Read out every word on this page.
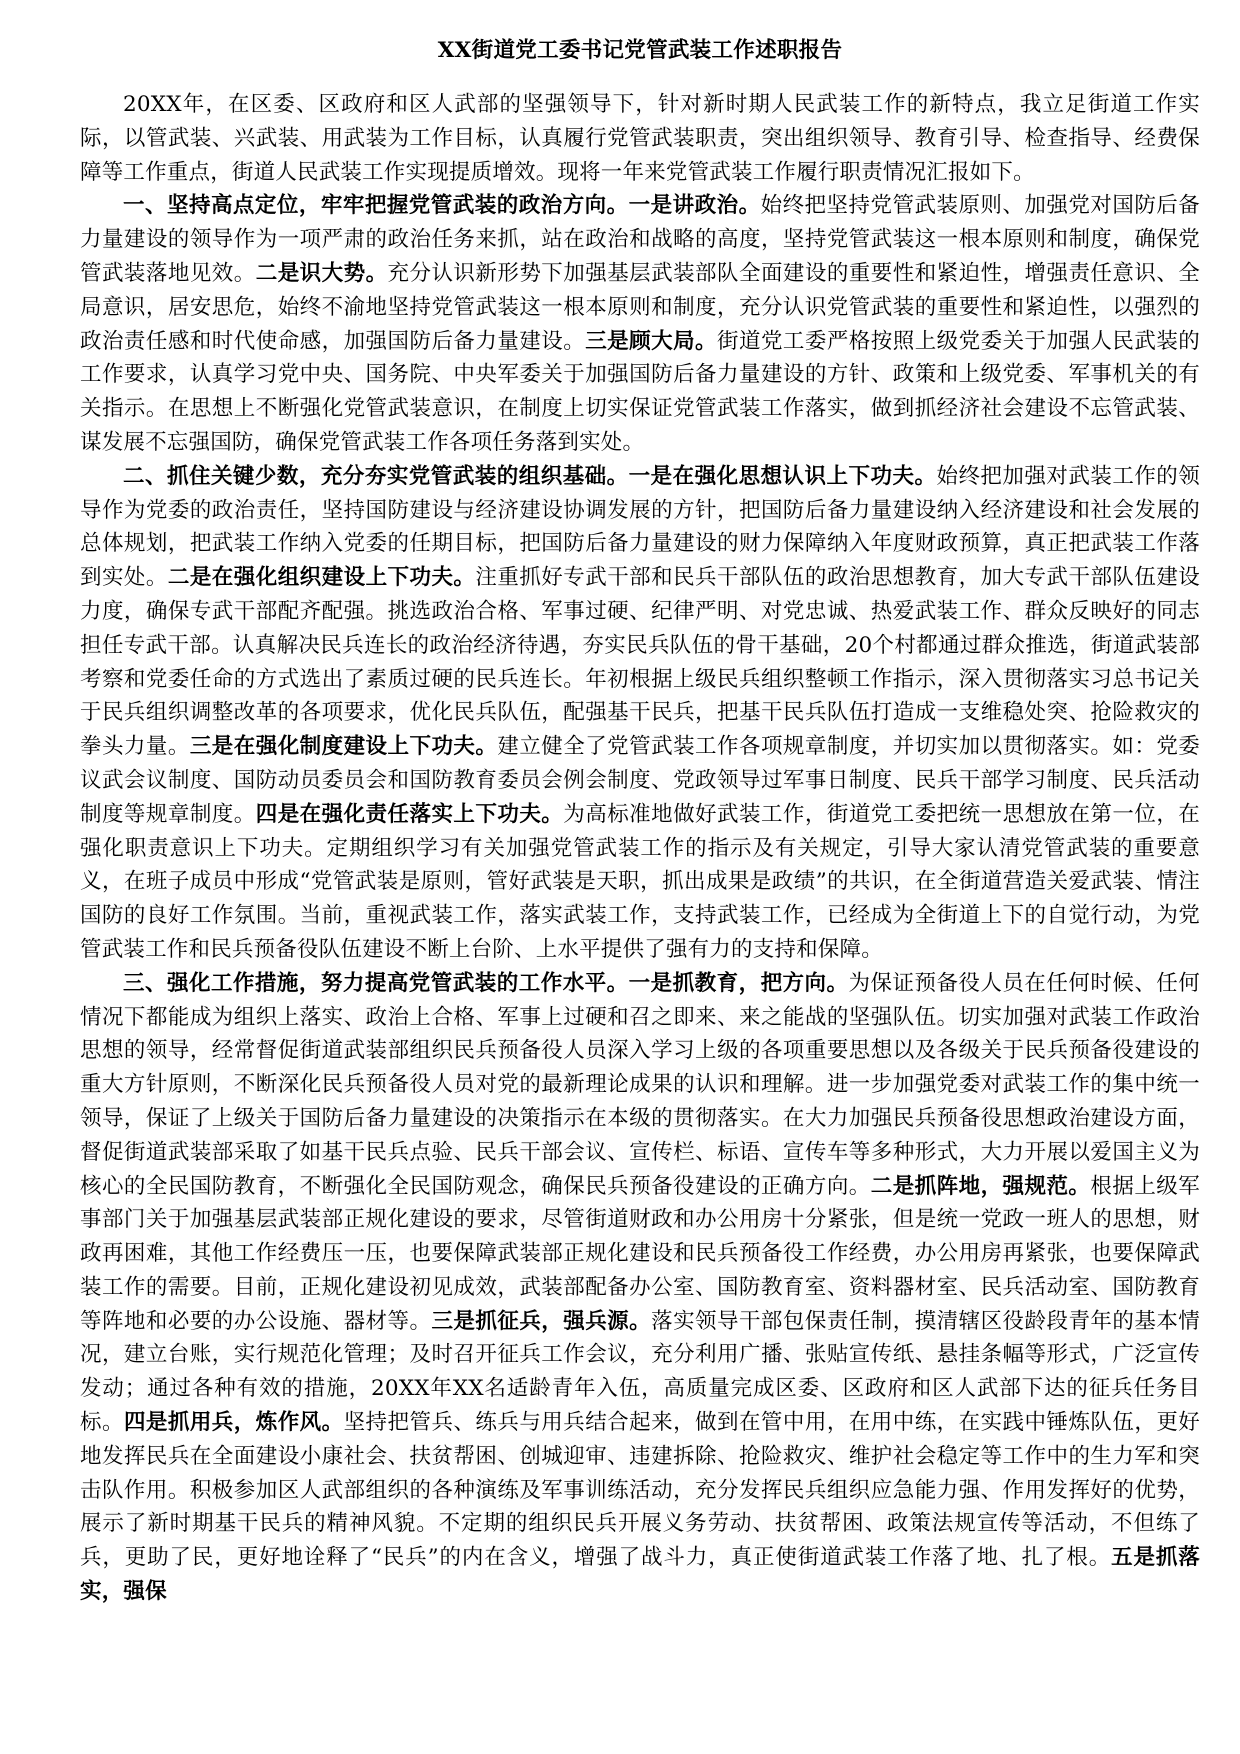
XX街道党工委书记党管武装工作述职报告

20XX年，在区委、区政府和区人武部的坚强领导下，针对新时期人民武装工作的新特点，我立足街道工作实际，以管武装、兴武装、用武装为工作目标，认真履行党管武装职责，突出组织领导、教育引导、检查指导、经费保障等工作重点，街道人民武装工作实现提质增效。现将一年来党管武装工作履行职责情况汇报如下。

一、坚持高点定位，牢牢把握党管武装的政治方向。一是讲政治。始终把坚持党管武装原则、加强党对国防后备力量建设的领导作为一项严肃的政治任务来抓，站在政治和战略的高度，坚持党管武装这一根本原则和制度，确保党管武装落地见效。二是识大势。充分认识新形势下加强基层武装部队全面建设的重要性和紧迫性，增强责任意识、全局意识，居安思危，始终不渝地坚持党管武装这一根本原则和制度，充分认识党管武装的重要性和紧迫性，以强烈的政治责任感和时代使命感，加强国防后备力量建设。三是顾大局。街道党工委严格按照上级党委关于加强人民武装的工作要求，认真学习党中央、国务院、中央军委关于加强国防后备力量建设的方针、政策和上级党委、军事机关的有关指示。在思想上不断强化党管武装意识，在制度上切实保证党管武装工作落实，做到抓经济社会建设不忘管武装、谋发展不忘强国防，确保党管武装工作各项任务落到实处。

二、抓住关键少数，充分夯实党管武装的组织基础。一是在强化思想认识上下功夫。始终把加强对武装工作的领导作为党委的政治责任，坚持国防建设与经济建设协调发展的方针，把国防后备力量建设纳入经济建设和社会发展的总体规划，把武装工作纳入党委的任期目标，把国防后备力量建设的财力保障纳入年度财政预算，真正把武装工作落到实处。二是在强化组织建设上下功夫。注重抓好专武干部和民兵干部队伍的政治思想教育，加大专武干部队伍建设力度，确保专武干部配齐配强。挑选政治合格、军事过硬、纪律严明、对党忠诚、热爱武装工作、群众反映好的同志担任专武干部。认真解决民兵连长的政治经济待遇，夯实民兵队伍的骨干基础，20个村都通过群众推选，街道武装部考察和党委任命的方式选出了素质过硬的民兵连长。年初根据上级民兵组织整顿工作指示，深入贯彻落实习总书记关于民兵组织调整改革的各项要求，优化民兵队伍，配强基干民兵，把基干民兵队伍打造成一支维稳处突、抢险救灾的拳头力量。三是在强化制度建设上下功夫。建立健全了党管武装工作各项规章制度，并切实加以贯彻落实。如：党委议武会议制度、国防动员委员会和国防教育委员会例会制度、党政领导过军事日制度、民兵干部学习制度、民兵活动制度等规章制度。四是在强化责任落实上下功夫。为高标准地做好武装工作，街道党工委把统一思想放在第一位，在强化职责意识上下功夫。定期组织学习有关加强党管武装工作的指示及有关规定，引导大家认清党管武装的重要意义，在班子成员中形成“党管武装是原则，管好武装是天职，抓出成果是政绩”的共识，在全街道营造关爱武装、情注国防的良好工作氛围。当前，重视武装工作，落实武装工作，支持武装工作，已经成为全街道上下的自觉行动，为党管武装工作和民兵预备役队伍建设不断上台阶、上水平提供了强有力的支持和保障。

三、强化工作措施，努力提高党管武装的工作水平。一是抓教育，把方向。为保证预备役人员在任何时候、任何情况下都能成为组织上落实、政治上合格、军事上过硬和召之即来、来之能战的坚强队伍。切实加强对武装工作政治思想的领导，经常督促街道武装部组织民兵预备役人员深入学习上级的各项重要思想以及各级关于民兵预备役建设的重大方针原则，不断深化民兵预备役人员对党的最新理论成果的认识和理解。进一步加强党委对武装工作的集中统一领导，保证了上级关于国防后备力量建设的决策指示在本级的贯彻落实。在大力加强民兵预备役思想政治建设方面，督促街道武装部采取了如基干民兵点验、民兵干部会议、宣传栏、标语、宣传车等多种形式，大力开展以爱国主义为核心的全民国防教育，不断强化全民国防观念，确保民兵预备役建设的正确方向。二是抓阵地，强规范。根据上级军事部门关于加强基层武装部正规化建设的要求，尽管街道财政和办公用房十分紧张，但是统一党政一班人的思想，财政再困难，其他工作经费压一压，也要保障武装部正规化建设和民兵预备役工作经费，办公用房再紧张，也要保障武装工作的需要。目前，正规化建设初见成效，武装部配备办公室、国防教育室、资料器材室、民兵活动室、国防教育等阵地和必要的办公设施、器材等。三是抓征兵，强兵源。落实领导干部包保责任制，摸清辖区役龄段青年的基本情况，建立台账，实行规范化管理；及时召开征兵工作会议，充分利用广播、张贴宣传纸、悬挂条幅等形式，广泛宣传发动；通过各种有效的措施，20XX年XX名适龄青年入伍，高质量完成区委、区政府和区人武部下达的征兵任务目标。四是抓用兵，炼作风。坚持把管兵、练兵与用兵结合起来，做到在管中用，在用中练，在实践中锤炼队伍，更好地发挥民兵在全面建设小康社会、扶贫帮困、创城迎审、违建拆除、抢险救灾、维护社会稳定等工作中的生力军和突击队作用。积极参加区人武部组织的各种演练及军事训练活动，充分发挥民兵组织应急能力强、作用发挥好的优势，展示了新时期基干民兵的精神风貌。不定期的组织民兵开展义务劳动、扶贫帮困、政策法规宣传等活动，不但练了兵，更助了民，更好地诠释了“民兵”的内在含义，增强了战斗力，真正使街道武装工作落了地、扎了根。五是抓落实，强保
